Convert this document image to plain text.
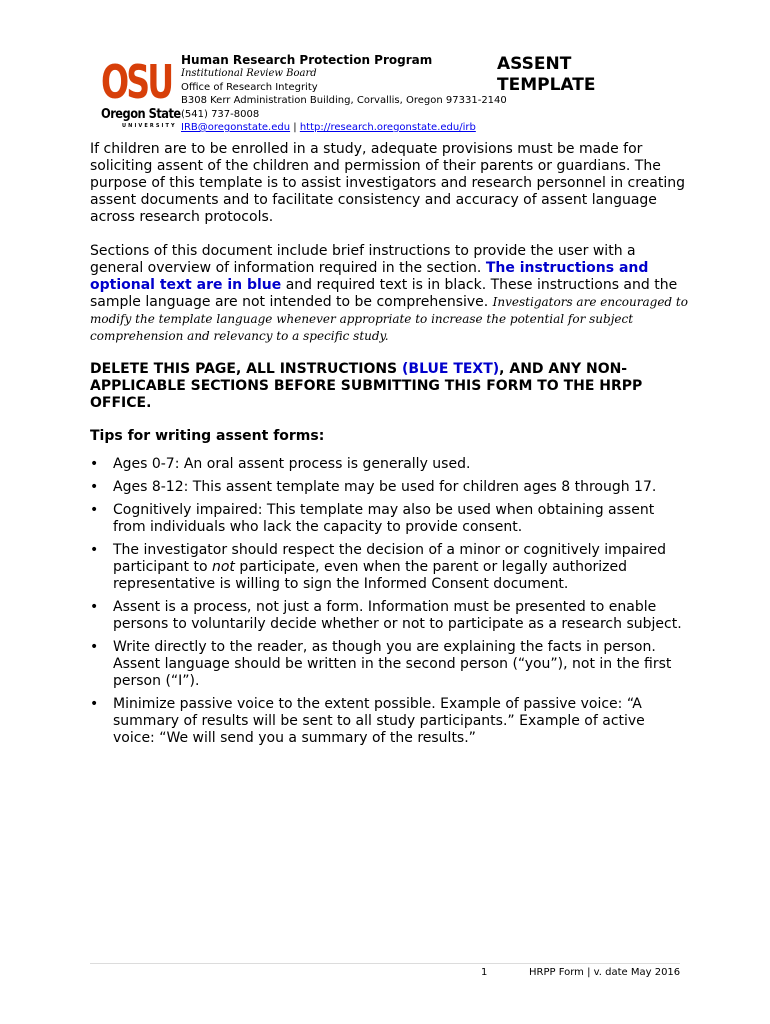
OSU
Oregon State
UNIVERSITY
Human Research Protection Program
Institutional Review Board
Office of Research Integrity
B308 Kerr Administration Building, Corvallis, Oregon 97331-2140
(541) 737-8008
IRB@oregonstate.edu | http://research.oregonstate.edu/irb
ASSENT
TEMPLATE

If children are to be enrolled in a study, adequate provisions must be made for soliciting assent of the children and permission of their parents or guardians. The purpose of this template is to assist investigators and research personnel in creating assent documents and to facilitate consistency and accuracy of assent language across research protocols.

Sections of this document include brief instructions to provide the user with a general overview of information required in the section. The instructions and optional text are in blue and required text is in black. These instructions and the sample language are not intended to be comprehensive. Investigators are encouraged to modify the template language whenever appropriate to increase the potential for subject comprehension and relevancy to a specific study.

DELETE THIS PAGE, ALL INSTRUCTIONS (BLUE TEXT), AND ANY NON-APPLICABLE SECTIONS BEFORE SUBMITTING THIS FORM TO THE HRPP OFFICE.

Tips for writing assent forms:

• Ages 0-7: An oral assent process is generally used.
• Ages 8-12: This assent template may be used for children ages 8 through 17.
• Cognitively impaired: This template may also be used when obtaining assent from individuals who lack the capacity to provide consent.
• The investigator should respect the decision of a minor or cognitively impaired participant to not participate, even when the parent or legally authorized representative is willing to sign the Informed Consent document.
• Assent is a process, not just a form. Information must be presented to enable persons to voluntarily decide whether or not to participate as a research subject.
• Write directly to the reader, as though you are explaining the facts in person. Assent language should be written in the second person (“you”), not in the first person (“I”).
• Minimize passive voice to the extent possible. Example of passive voice: “A summary of results will be sent to all study participants.” Example of active voice: “We will send you a summary of the results.”
1	HRPP Form | v. date May 2016
